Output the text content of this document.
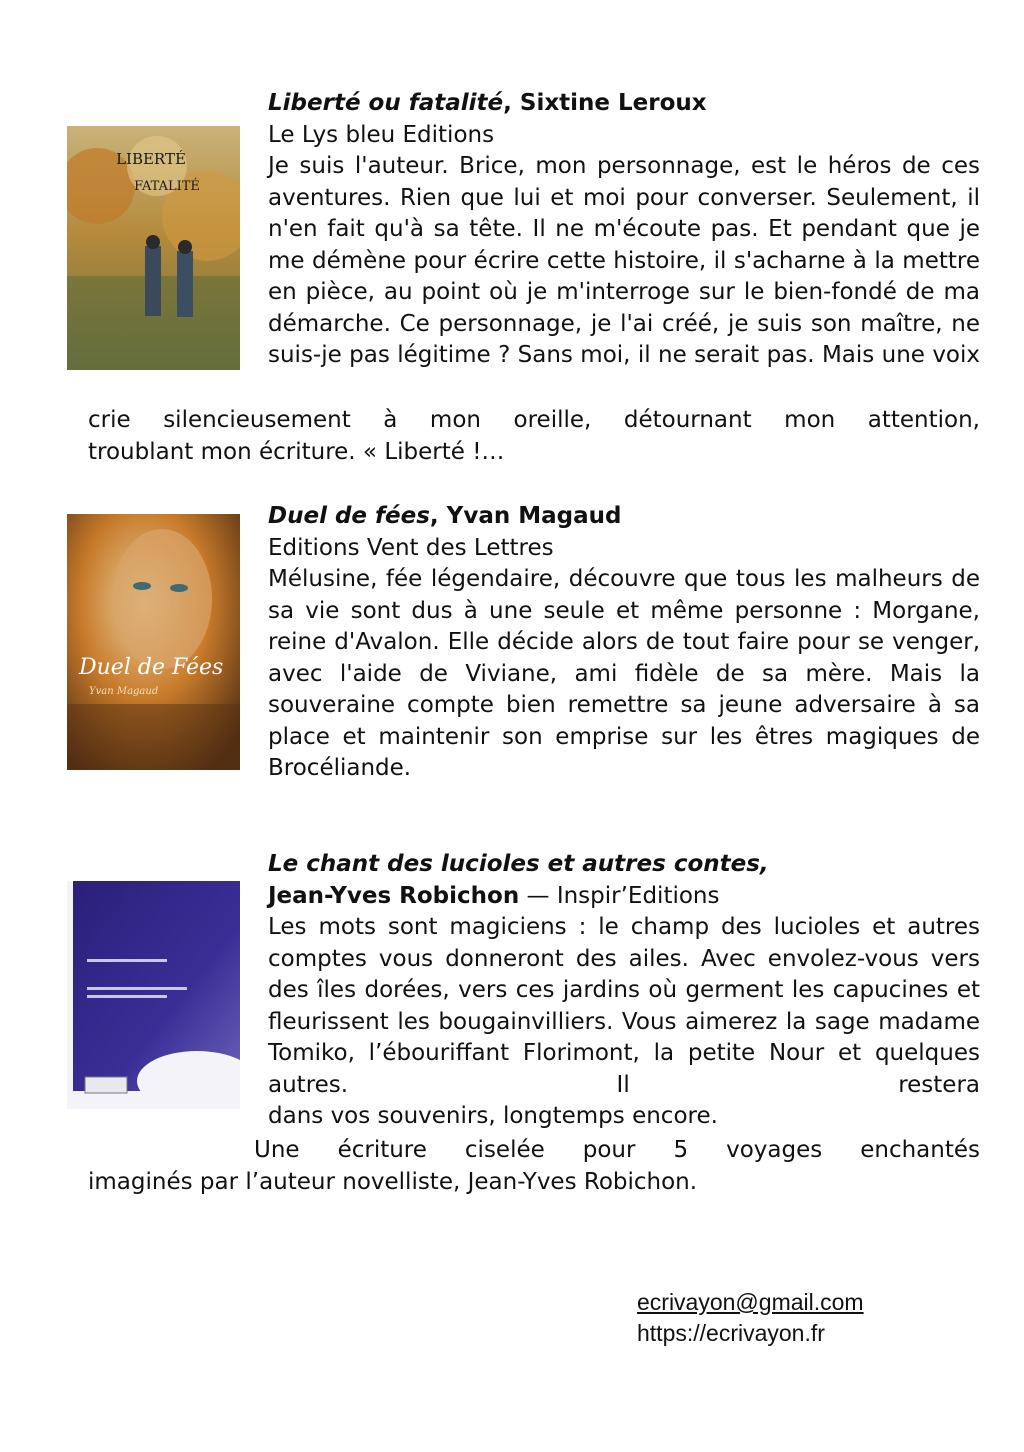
LIBERTÉ
FATALITÉ

Liberté ou fatalité, Sixtine Leroux

Le Lys bleu Editions

Je suis l'auteur. Brice, mon personnage, est le héros de ces aventures. Rien que lui et moi pour converser. Seulement, il n'en fait qu'à sa tête. Il ne m'écoute pas. Et pendant que je me démène pour écrire cette histoire, il s'acharne à la mettre en pièce, au point où je m'interroge sur le bien-fondé de ma démarche. Ce personnage, je l'ai créé, je suis son maître, ne suis-je pas légitime ? Sans moi, il ne serait pas. Mais une voix

crie silencieusement à mon oreille, détournant mon attention,

troublant mon écriture. « Liberté !…

Duel de Fées
Yvan Magaud

Duel de fées, Yvan Magaud

Editions Vent des Lettres

Mélusine, fée légendaire, découvre que tous les malheurs de sa vie sont dus à une seule et même personne : Morgane, reine d'Avalon. Elle décide alors de tout faire pour se venger, avec l'aide de Viviane, ami fidèle de sa mère. Mais la souveraine compte bien remettre sa jeune adversaire à sa place et maintenir son emprise sur les êtres magiques de

Brocéliande.

Le chant des lucioles et autres contes,

Jean-Yves Robichon — Inspir’Editions

Les mots sont magiciens : le champ des lucioles et autres comptes vous donneront des ailes. Avec envolez-vous vers des îles dorées, vers ces jardins où germent les capucines et fleurissent les bougainvilliers. Vous aimerez la sage madame Tomiko, l’ébouriffant Florimont, la petite Nour et quelques autres. Il restera

dans vos souvenirs, longtemps encore.

Une écriture ciselée pour 5 voyages enchantés

imaginés par l’auteur novelliste, Jean-Yves Robichon.

ecrivayon@gmail.com
https://ecrivayon.fr
